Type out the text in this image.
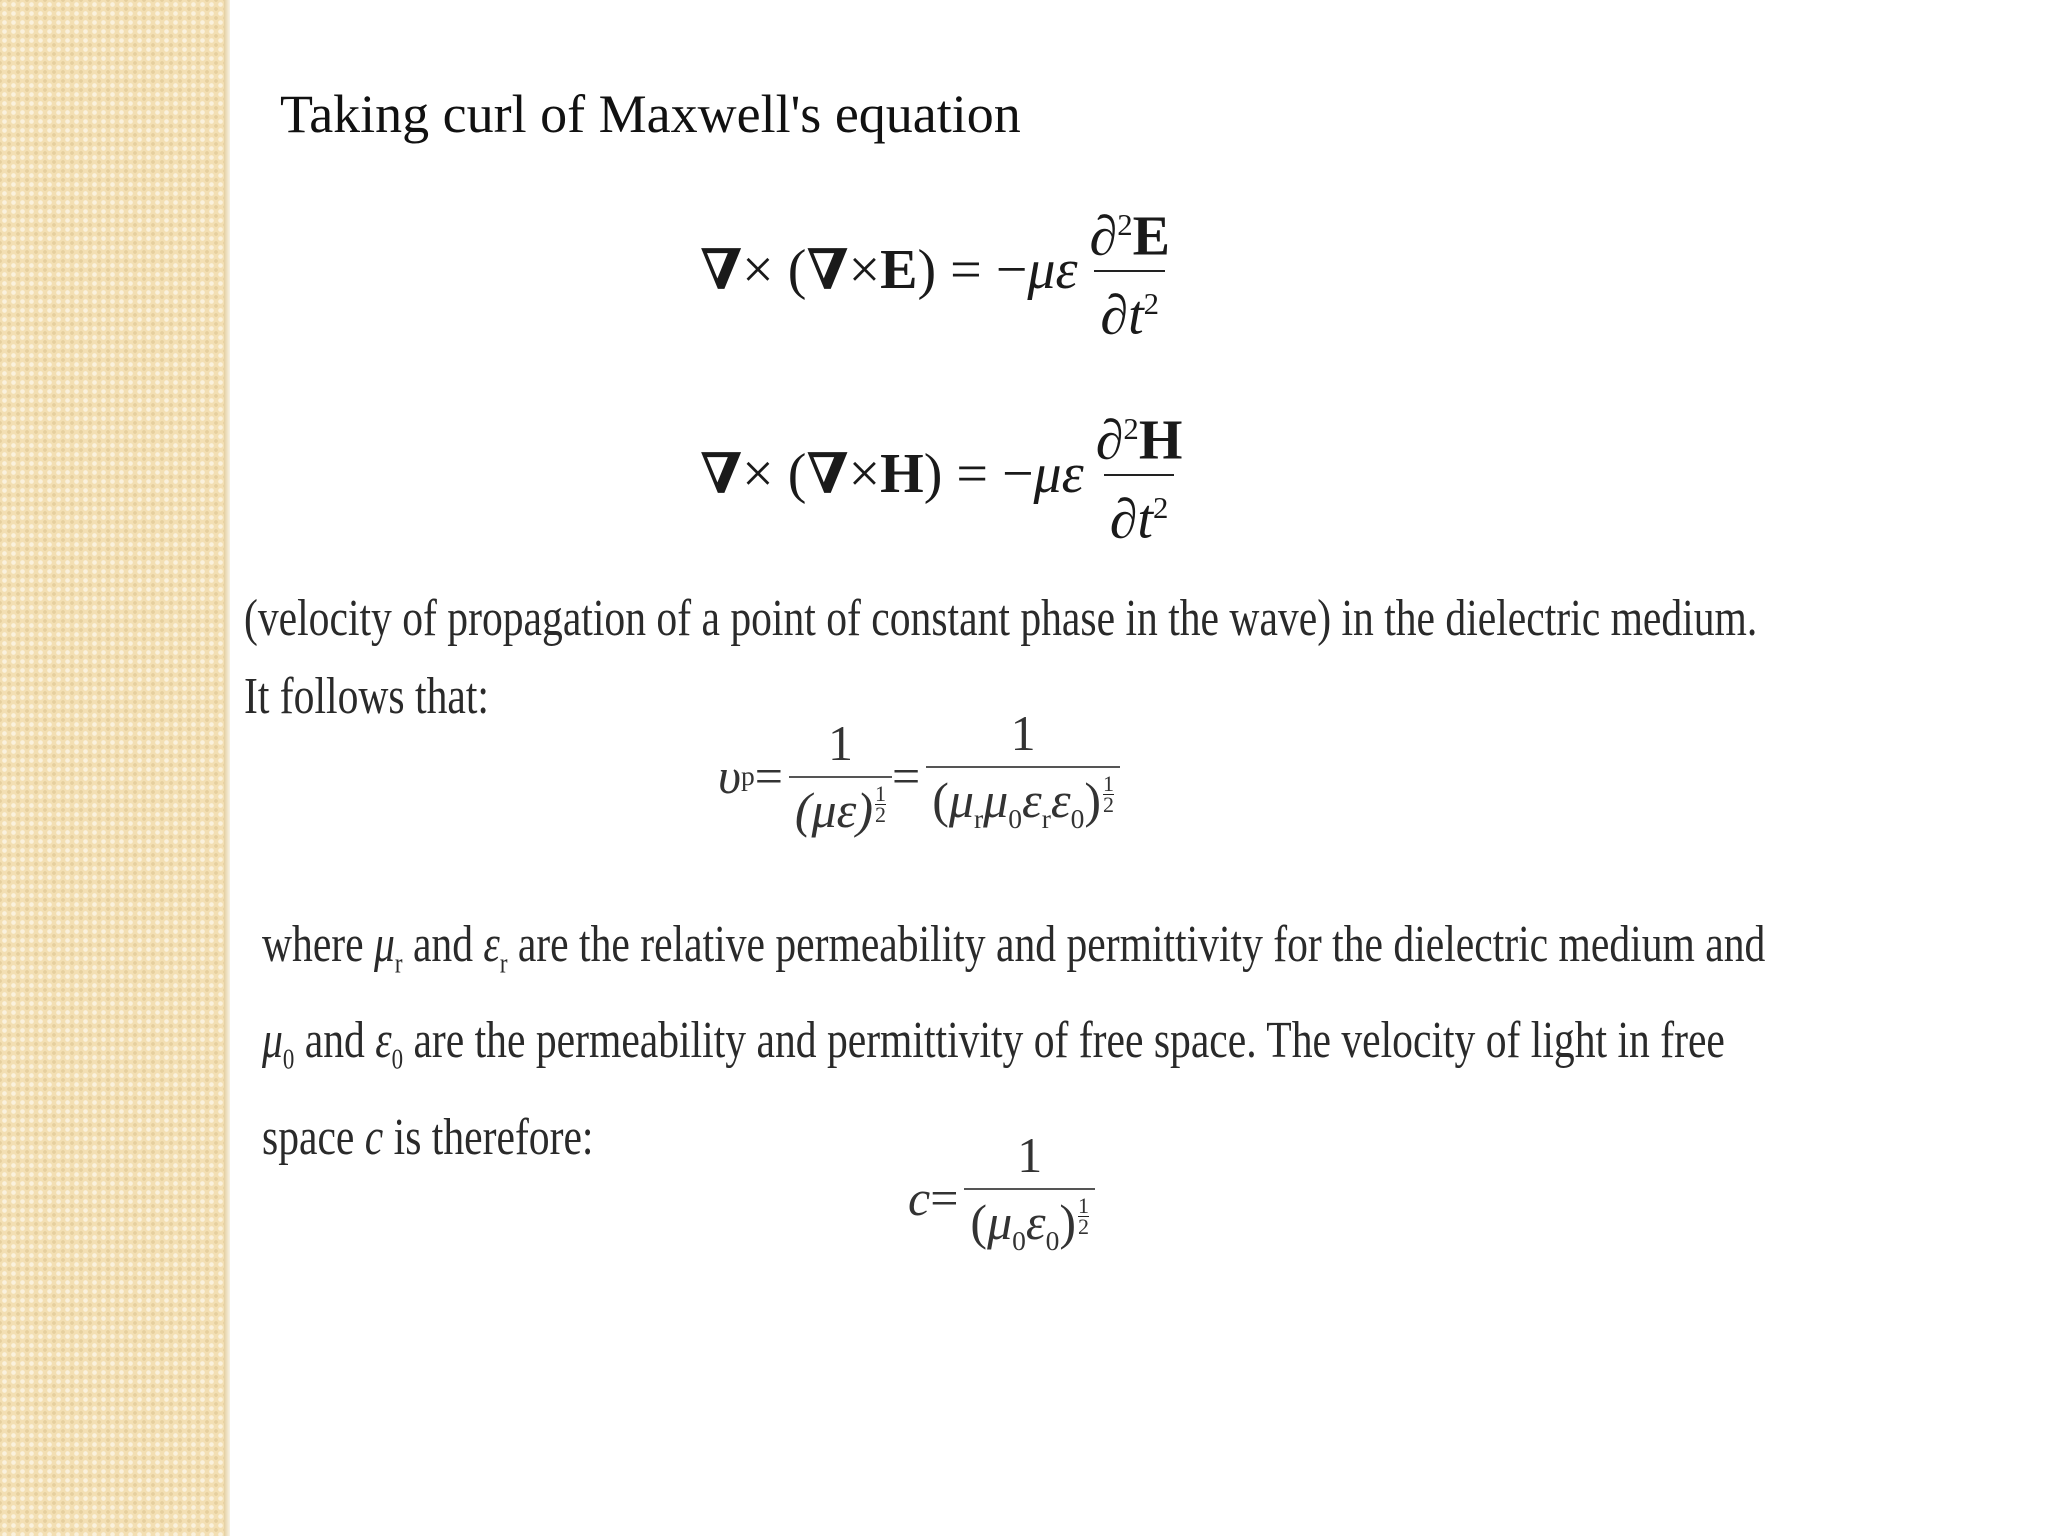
Taking curl of Maxwell's equation
∇ × ( ∇ × E ) = − με $\frac{\partial^2E}{\partial t^2}$
∇ × ( ∇ × H ) = − με $\frac{\partial^2H}{\partial t^2}$
(velocity of propagation of a point of constant phase in the wave) in the dielectric medium.
It follows that:
υ $p = \frac{1}{(\mu\varepsilon) \frac{1}{2}} = \frac{1}{(\mu_r\mu_0\varepsilon_r\varepsilon_0) \frac{1}{2}}$
where $\mu_r$ and $\varepsilon_r$ are the relative permeability and permittivity for the dielectric medium and
$\mu_0$ and $\varepsilon_0$ are the permeability and permittivity of free space. The velocity of light in free
space c is therefore:
$c = \frac{1}{(\mu_0\varepsilon_0) \frac{1}{2}}$
